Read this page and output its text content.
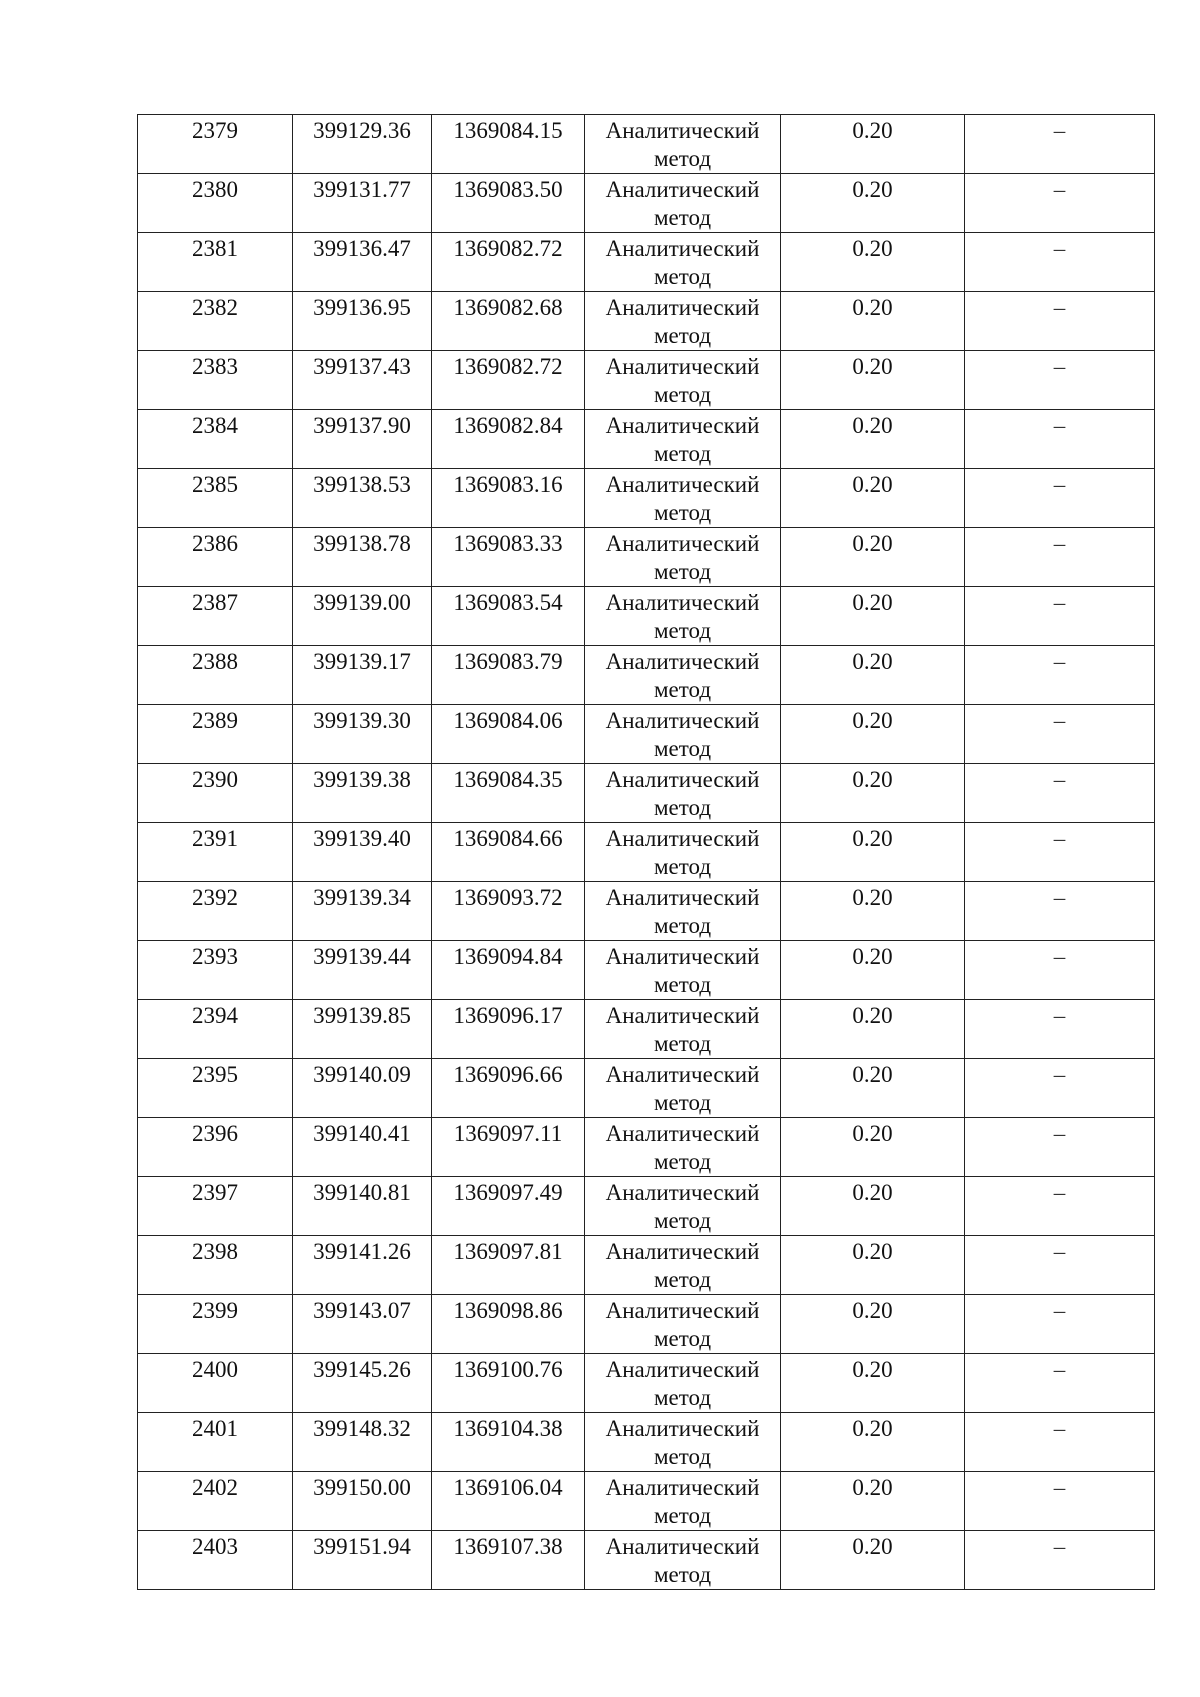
2379	399129.36	1369084.15	Аналитический метод	0.20	–
2380	399131.77	1369083.50	Аналитический метод	0.20	–
2381	399136.47	1369082.72	Аналитический метод	0.20	–
2382	399136.95	1369082.68	Аналитический метод	0.20	–
2383	399137.43	1369082.72	Аналитический метод	0.20	–
2384	399137.90	1369082.84	Аналитический метод	0.20	–
2385	399138.53	1369083.16	Аналитический метод	0.20	–
2386	399138.78	1369083.33	Аналитический метод	0.20	–
2387	399139.00	1369083.54	Аналитический метод	0.20	–
2388	399139.17	1369083.79	Аналитический метод	0.20	–
2389	399139.30	1369084.06	Аналитический метод	0.20	–
2390	399139.38	1369084.35	Аналитический метод	0.20	–
2391	399139.40	1369084.66	Аналитический метод	0.20	–
2392	399139.34	1369093.72	Аналитический метод	0.20	–
2393	399139.44	1369094.84	Аналитический метод	0.20	–
2394	399139.85	1369096.17	Аналитический метод	0.20	–
2395	399140.09	1369096.66	Аналитический метод	0.20	–
2396	399140.41	1369097.11	Аналитический метод	0.20	–
2397	399140.81	1369097.49	Аналитический метод	0.20	–
2398	399141.26	1369097.81	Аналитический метод	0.20	–
2399	399143.07	1369098.86	Аналитический метод	0.20	–
2400	399145.26	1369100.76	Аналитический метод	0.20	–
2401	399148.32	1369104.38	Аналитический метод	0.20	–
2402	399150.00	1369106.04	Аналитический метод	0.20	–
2403	399151.94	1369107.38	Аналитический метод	0.20	–
